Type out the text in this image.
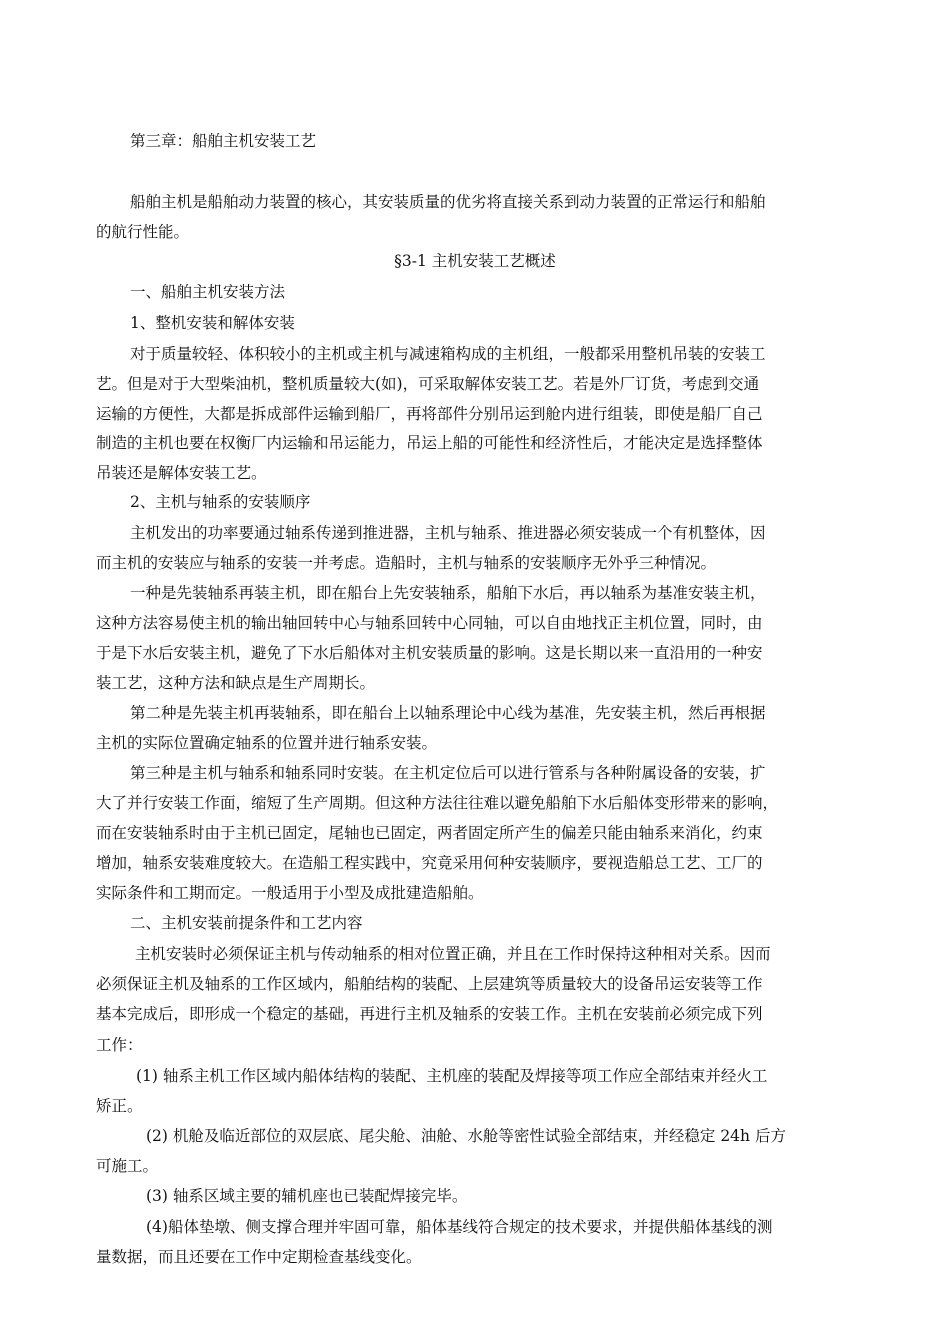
第三章：船舶主机安装工艺
船舶主机是船舶动力装置的核心，其安装质量的优劣将直接关系到动力装置的正常运行和船舶
的航行性能。
§3-1 主机安装工艺概述
一、船舶主机安装方法
1、整机安装和解体安装
对于质量较轻、体积较小的主机或主机与减速箱构成的主机组，一般都采用整机吊装的安装工
艺。但是对于大型柴油机，整机质量较大(如)，可采取解体安装工艺。若是外厂订货，考虑到交通
运输的方便性，大都是拆成部件运输到船厂，再将部件分别吊运到舱内进行组装，即使是船厂自己
制造的主机也要在权衡厂内运输和吊运能力，吊运上船的可能性和经济性后，才能决定是选择整体
吊装还是解体安装工艺。
2、主机与轴系的安装顺序
主机发出的功率要通过轴系传递到推进器，主机与轴系、推进器必须安装成一个有机整体，因
而主机的安装应与轴系的安装一并考虑。造船时，主机与轴系的安装顺序无外乎三种情况。
一种是先装轴系再装主机，即在船台上先安装轴系，船舶下水后，再以轴系为基准安装主机，
这种方法容易使主机的输出轴回转中心与轴系回转中心同轴，可以自由地找正主机位置，同时，由
于是下水后安装主机，避免了下水后船体对主机安装质量的影响。这是长期以来一直沿用的一种安
装工艺，这种方法和缺点是生产周期长。
第二种是先装主机再装轴系，即在船台上以轴系理论中心线为基准，先安装主机，然后再根据
主机的实际位置确定轴系的位置并进行轴系安装。
第三种是主机与轴系和轴系同时安装。在主机定位后可以进行管系与各种附属设备的安装，扩
大了并行安装工作面，缩短了生产周期。但这种方法往往难以避免船舶下水后船体变形带来的影响，
而在安装轴系时由于主机已固定，尾轴也已固定，两者固定所产生的偏差只能由轴系来消化，约束
增加，轴系安装难度较大。在造船工程实践中，究竟采用何种安装顺序，要视造船总工艺、工厂的
实际条件和工期而定。一般适用于小型及成批建造船舶。
二、主机安装前提条件和工艺内容
主机安装时必须保证主机与传动轴系的相对位置正确，并且在工作时保持这种相对关系。因而
必须保证主机及轴系的工作区域内，船舶结构的装配、上层建筑等质量较大的设备吊运安装等工作
基本完成后，即形成一个稳定的基础，再进行主机及轴系的安装工作。主机在安装前必须完成下列
工作：
(1) 轴系主机工作区域内船体结构的装配、主机座的装配及焊接等项工作应全部结束并经火工
矫正。
(2) 机舱及临近部位的双层底、尾尖舱、油舱、水舱等密性试验全部结束，并经稳定 24h 后方
可施工。
(3) 轴系区域主要的辅机座也已装配焊接完毕。
(4)船体垫墩、侧支撑合理并牢固可靠，船体基线符合规定的技术要求，并提供船体基线的测
量数据，而且还要在工作中定期检查基线变化。
